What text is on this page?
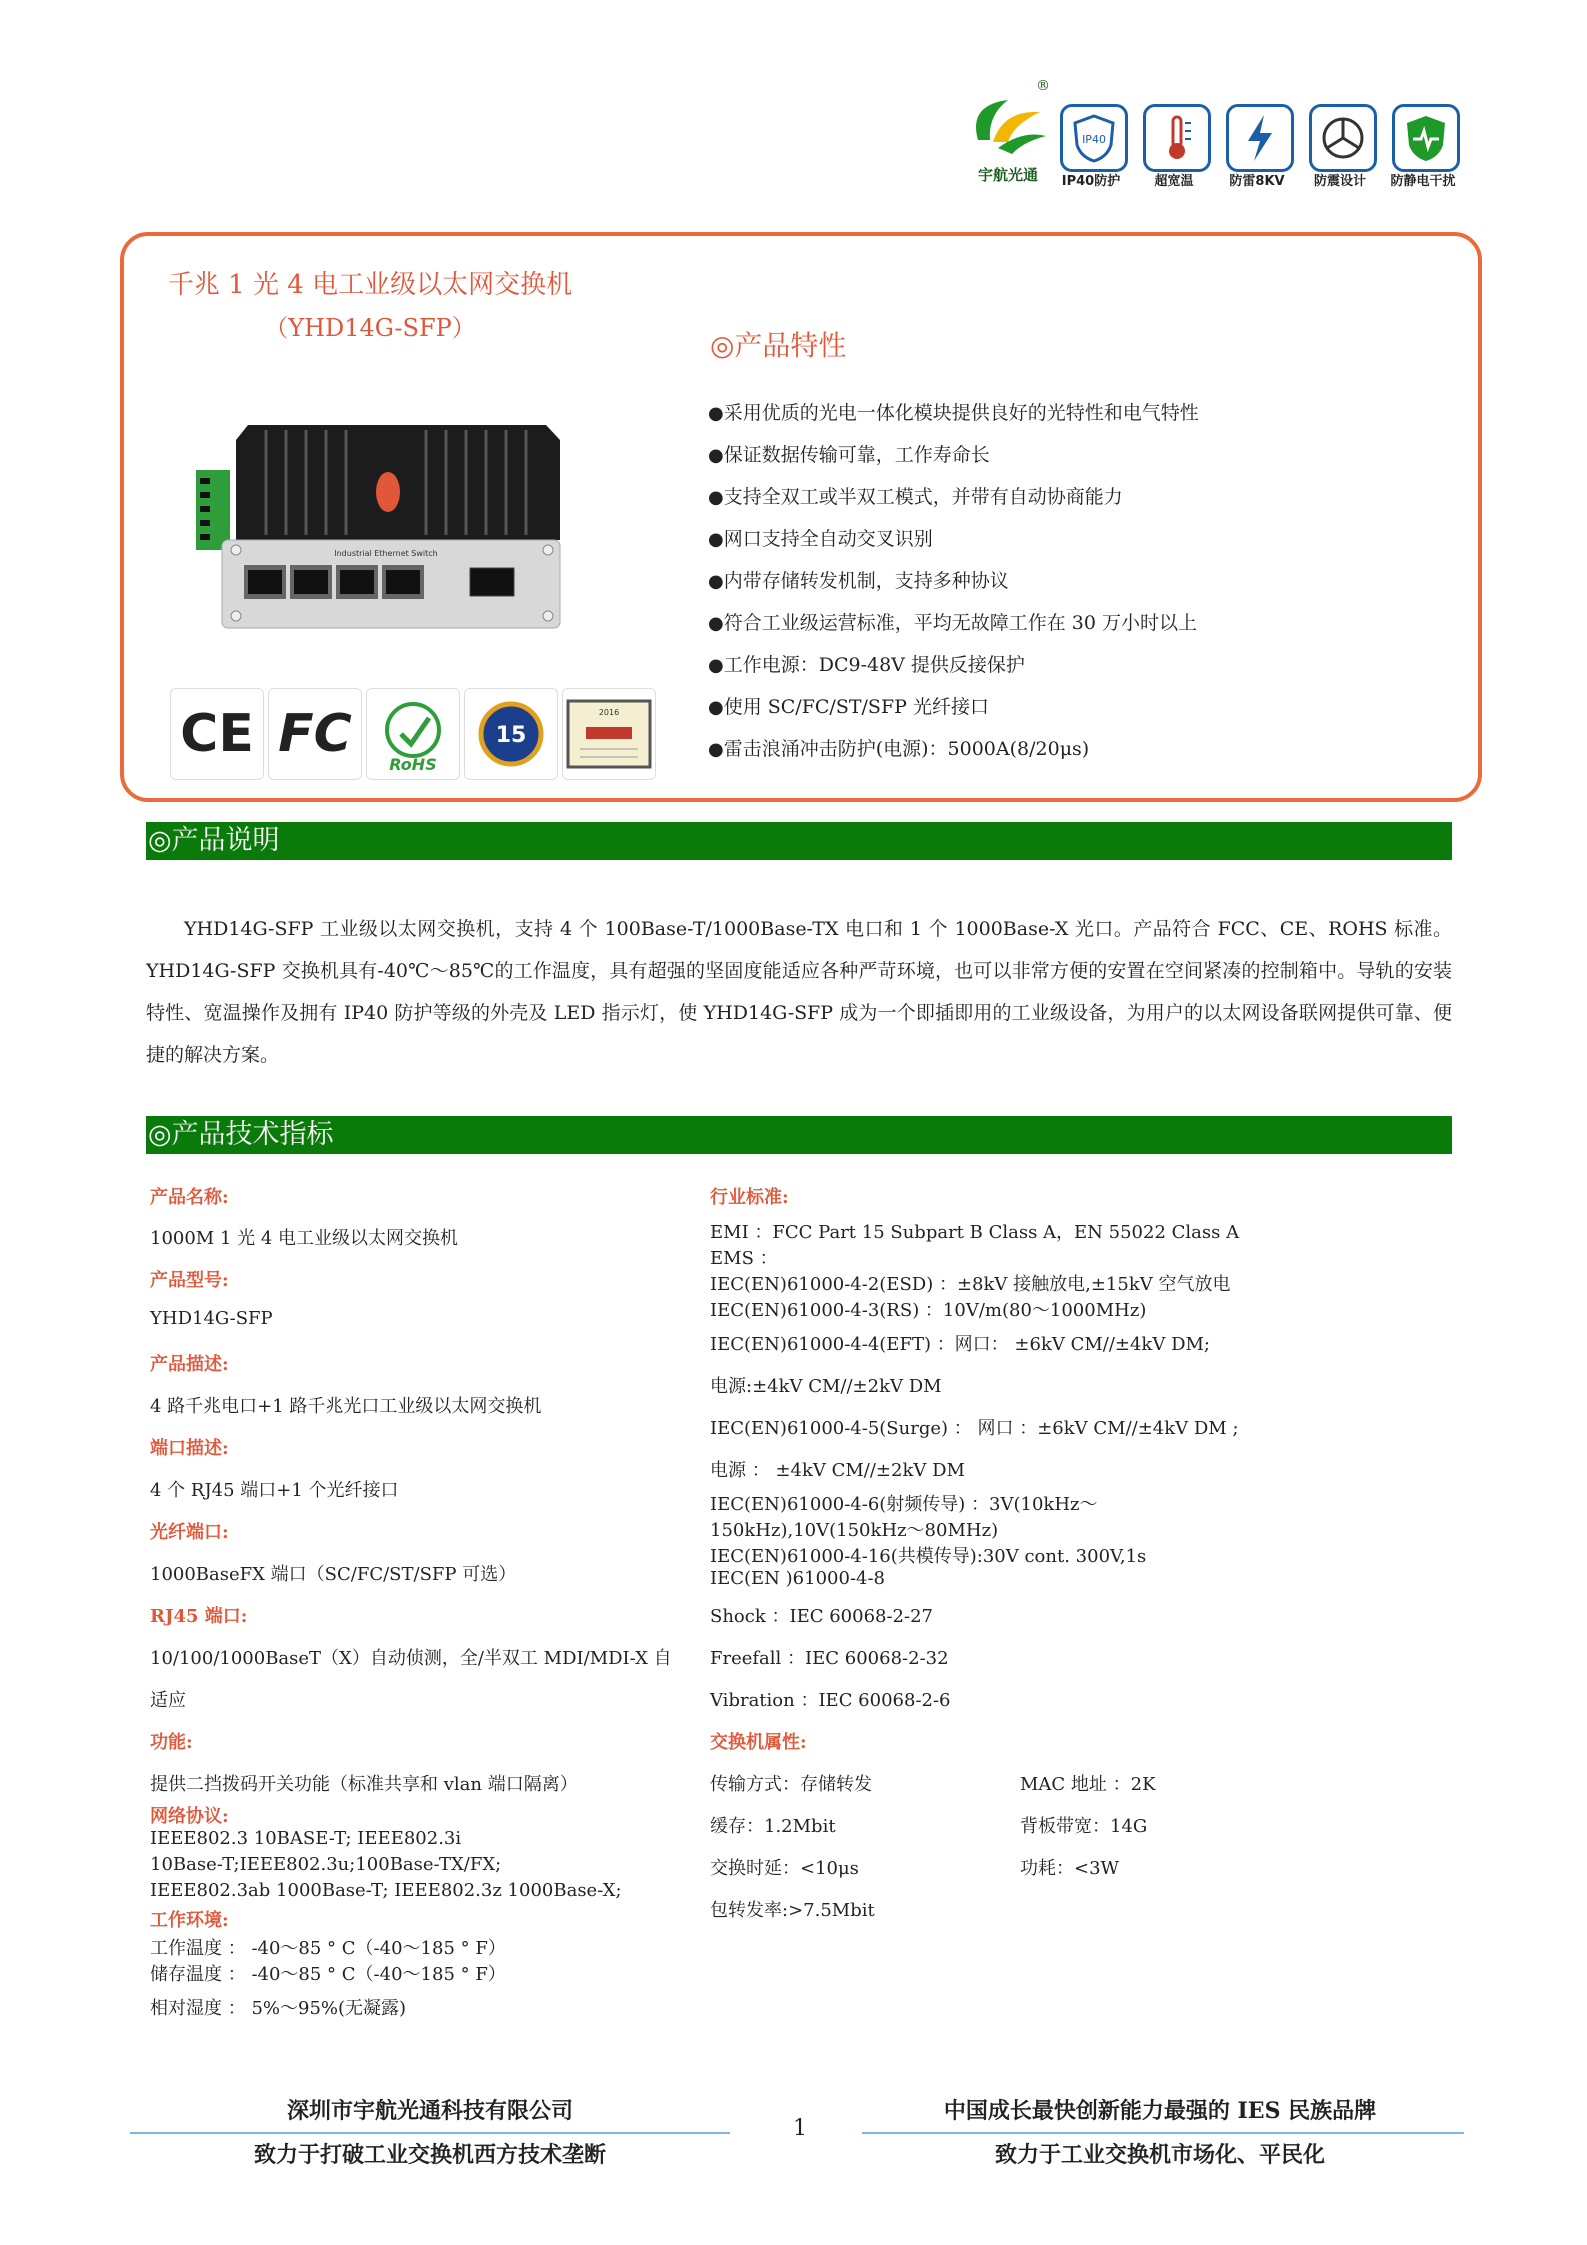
®
宇航光通
IP40
IP40防护	超宽温	防雷8KV	防震设计	防静电干扰
千兆 1 光 4 电工业级以太网交换机
（YHD14G-SFP）
Industrial Ethernet Switch
◎产品特性
●采用优质的光电一体化模块提供良好的光特性和电气特性
●保证数据传输可靠，工作寿命长
●支持全双工或半双工模式，并带有自动协商能力
●网口支持全自动交叉识别
●内带存储转发机制，支持多种协议
●符合工业级运营标准，平均无故障工作在 30 万小时以上
●工作电源：DC9-48V 提供反接保护
●使用 SC/FC/ST/SFP 光纤接口
●雷击浪涌冲击防护(电源)：5000A(8/20μs)
CE FC
RoHS
15
2016
◎产品说明
YHD14G-SFP 工业级以太网交换机，支持 4 个 100Base-T/1000Base-TX 电口和 1 个 1000Base-X 光口。产品符合 FCC、CE、ROHS 标准。YHD14G-SFP 交换机具有-40℃～85℃的工作温度，具有超强的坚固度能适应各种严苛环境，也可以非常方便的安置在空间紧凑的控制箱中。导轨的安装特性、宽温操作及拥有 IP40 防护等级的外壳及 LED 指示灯，使 YHD14G-SFP 成为一个即插即用的工业级设备，为用户的以太网设备联网提供可靠、便捷的解决方案。
◎产品技术指标
产品名称:
1000M 1 光 4 电工业级以太网交换机
产品型号:
YHD14G-SFP
产品描述:
4 路千兆电口+1 路千兆光口工业级以太网交换机
端口描述:
4 个 RJ45 端口+1 个光纤接口
光纤端口:
1000BaseFX 端口（SC/FC/ST/SFP 可选）
RJ45 端口:
10/100/1000BaseT（X）自动侦测，全/半双工 MDI/MDI-X 自
适应
功能:
提供二挡拨码开关功能（标准共享和 vlan 端口隔离）
网络协议:
IEEE802.3 10BASE-T; IEEE802.3i
10Base-T;IEEE802.3u;100Base-TX/FX;
IEEE802.3ab 1000Base-T; IEEE802.3z 1000Base-X;
工作环境:
工作温度 ： -40～85 ° C（-40～185 ° F）
储存温度 ： -40～85 ° C（-40～185 ° F）
相对湿度 ： 5%～95%(无凝露)
行业标准:
EMI ：FCC Part 15 Subpart B Class A，EN 55022 Class A
EMS ：
IEC(EN)61000-4-2(ESD) ：±8kV 接触放电,±15kV 空气放电
IEC(EN)61000-4-3(RS) ：10V/m(80～1000MHz)
IEC(EN)61000-4-4(EFT) ：网口： ±6kV CM//±4kV DM;
电源:±4kV CM//±2kV DM
IEC(EN)61000-4-5(Surge) ： 网口 ：±6kV CM//±4kV DM ;
电源 ： ±4kV CM//±2kV DM
IEC(EN)61000-4-6(射频传导) ：3V(10kHz～
150kHz),10V(150kHz～80MHz)
IEC(EN)61000-4-16(共模传导):30V cont. 300V,1s
IEC(EN )61000-4-8
Shock ：IEC 60068-2-27
Freefall ：IEC 60068-2-32
Vibration ：IEC 60068-2-6
交换机属性:
传输方式：存储转发	MAC 地址 ：2K
缓存：1.2Mbit	背板带宽：14G
交换时延：<10μs	功耗：<3W
包转发率:>7.5Mbit
深圳市宇航光通科技有限公司
致力于打破工业交换机西方技术垄断
1
中国成长最快创新能力最强的 IES 民族品牌
致力于工业交换机市场化、平民化
